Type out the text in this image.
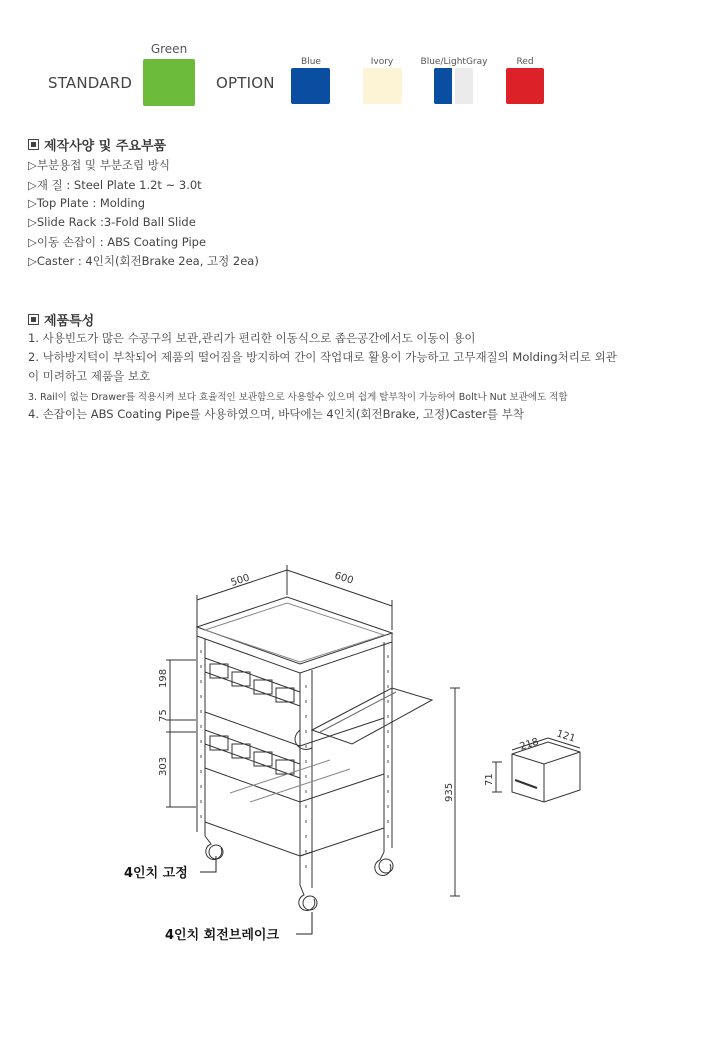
STANDARD
Green
OPTION
Blue	Ivory	Blue/LightGray	Red
제작사양 및 주요부품
▷부분용접 및 부분조립 방식
▷재 질 : Steel Plate 1.2t ~ 3.0t
▷Top Plate : Molding
▷Slide Rack :3-Fold Ball Slide
▷이동 손잡이 : ABS Coating Pipe
▷Caster : 4인치(회전Brake 2ea, 고정 2ea)
제품특성
1. 사용빈도가 많은 수공구의 보관,관리가 편리한 이동식으로 좁은공간에서도 이동이 용이
2. 낙하방지턱이 부착되어 제품의 떨어짐을 방지하여 간이 작업대로 활용이 가능하고 고무재질의 Molding처리로 외관
이 미려하고 제품을 보호
3. Rail이 없는 Drawer를 적용시켜 보다 효율적인 보관함으로 사용할수 있으며 쉽게 탈부착이 가능하여 Bolt나 Nut 보관에도 적합
4. 손잡이는 ABS Coating Pipe를 사용하였으며, 바닥에는 4인치(회전Brake, 고정)Caster를 부착
500	600
198
75
303
935
218 121
71
4인치 고정
4인치 회전브레이크
